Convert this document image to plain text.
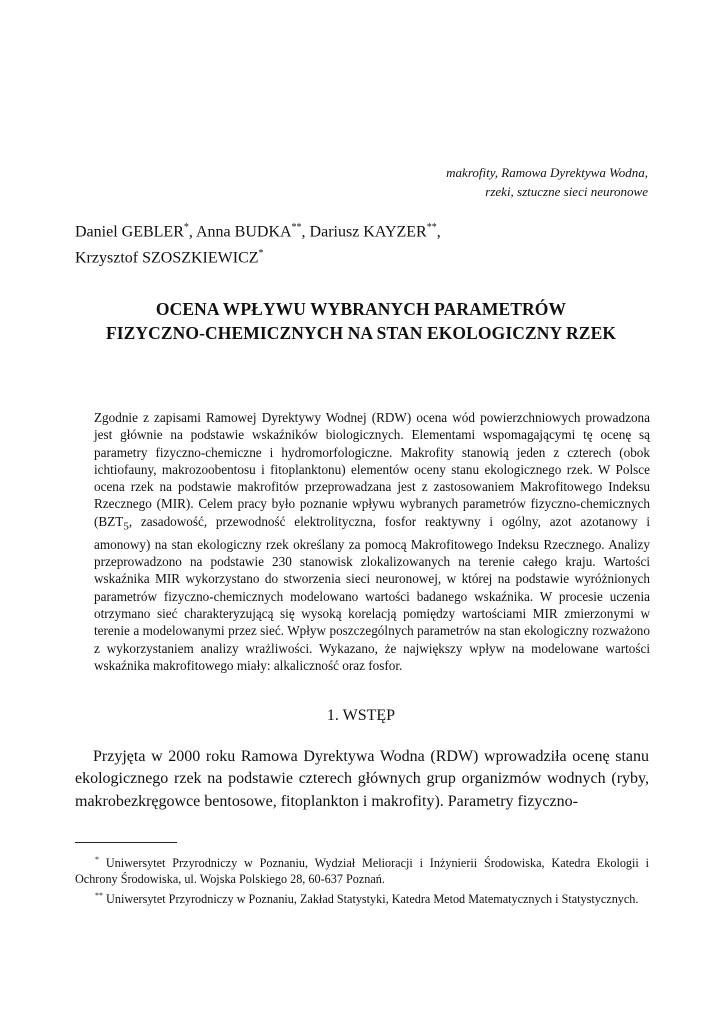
makrofity, Ramowa Dyrektywa Wodna,
rzeki, sztuczne sieci neuronowe
Daniel GEBLER*, Anna BUDKA**, Dariusz KAYZER**,
Krzysztof SZOSZKIEWICZ*
OCENA WPŁYWU WYBRANYCH PARAMETRÓW
FIZYCZNO-CHEMICZNYCH NA STAN EKOLOGICZNY RZEK

Zgodnie z zapisami Ramowej Dyrektywy Wodnej (RDW) ocena wód powierzchniowych prowadzona jest głównie na podstawie wskaźników biologicznych. Elementami wspomagającymi tę ocenę są parametry fizyczno-chemiczne i hydromorfologiczne. Makrofity stanowią jeden z czterech (obok ichtiofauny, makrozoobentosu i fitoplanktonu) elementów oceny stanu ekologicznego rzek. W Polsce ocena rzek na podstawie makrofitów przeprowadzana jest z zastosowaniem Makrofitowego Indeksu Rzecznego (MIR). Celem pracy było poznanie wpływu wybranych parametrów fizyczno-chemicznych ($BZT_5$, zasadowość, przewodność elektrolityczna, fosfor reaktywny i ogólny, azot azotanowy i amonowy) na stan ekologiczny rzek określany za pomocą Makrofitowego Indeksu Rzecznego. Analizy przeprowadzono na podstawie 230 stanowisk zlokalizowanych na terenie całego kraju. Wartości wskaźnika MIR wykorzystano do stworzenia sieci neuronowej, w której na podstawie wyróżnionych parametrów fizyczno-chemicznych modelowano wartości badanego wskaźnika. W procesie uczenia otrzymano sieć charakteryzującą się wysoką korelacją pomiędzy wartościami MIR zmierzonymi w terenie a modelowanymi przez sieć. Wpływ poszczególnych parametrów na stan ekologiczny rozważono z wykorzystaniem analizy wrażliwości. Wykazano, że największy wpływ na modelowane wartości wskaźnika makrofitowego miały: alkaliczność oraz fosfor.

1. WSTĘP

Przyjęta w 2000 roku Ramowa Dyrektywa Wodna (RDW) wprowadziła ocenę stanu ekologicznego rzek na podstawie czterech głównych grup organizmów wodnych (ryby, makrobezkręgowce bentosowe, fitoplankton i makrofity). Parametry fizyczno-

* Uniwersytet Przyrodniczy w Poznaniu, Wydział Melioracji i Inżynierii Środowiska, Katedra Ekologii i Ochrony Środowiska, ul. Wojska Polskiego 28, 60-637 Poznań.

** Uniwersytet Przyrodniczy w Poznaniu, Zakład Statystyki, Katedra Metod Matematycznych i Statystycznych.
